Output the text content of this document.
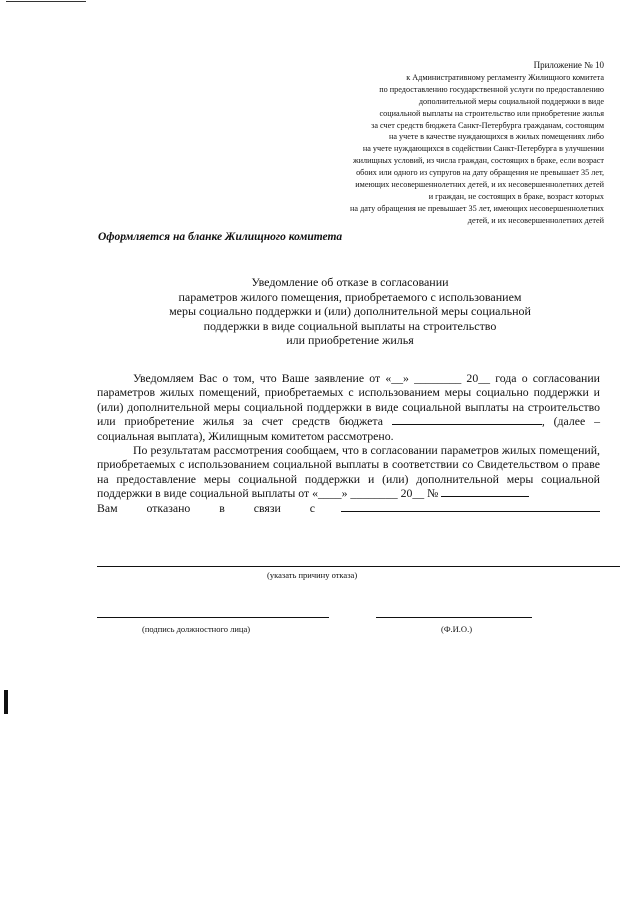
Приложение № 10
к Административному регламенту Жилищного комитета
по предоставлению государственной услуги по предоставлению
дополнительной меры социальной поддержки в виде
социальной выплаты на строительство или приобретение жилья
за счет средств бюджета Санкт-Петербурга гражданам, состоящим
на учете в качестве нуждающихся в жилых помещениях либо
на учете нуждающихся в содействии Санкт-Петербурга в улучшении
жилищных условий, из числа граждан, состоящих в браке, если возраст
обоих или одного из супругов на дату обращения не превышает 35 лет,
имеющих несовершеннолетних детей, и их несовершеннолетних детей
и граждан, не состоящих в браке, возраст которых
на дату обращения не превышает 35 лет, имеющих несовершеннолетних
детей, и их несовершеннолетних детей
Оформляется на бланке Жилищного комитета
Уведомление об отказе в согласовании
параметров жилого помещения, приобретаемого с использованием
меры социально поддержки и (или) дополнительной меры социальной
поддержки в виде социальной выплаты на строительство
или приобретение жилья

Уведомляем Вас о том, что Ваше заявление от «__» ________ 20__ года о согласовании параметров жилых помещений, приобретаемых с использованием меры социально поддержки и (или) дополнительной меры социальной поддержки в виде социальной выплаты на строительство или приобретение жилья за счет средств бюджета	, (далее – социальная выплата), Жилищным комитетом рассмотрено.

По результатам рассмотрения сообщаем, что в согласовании параметров жилых помещений, приобретаемых с использованием социальной выплаты в соответствии со Свидетельством о праве на предоставление меры социальной поддержки и (или) дополнительной меры социальной поддержки в виде социальной выплаты от «____» ________ 20__ №

Вам отказано в связи с

(указать причину отказа)
(подпись должностного лица)	(Ф.И.О.)
